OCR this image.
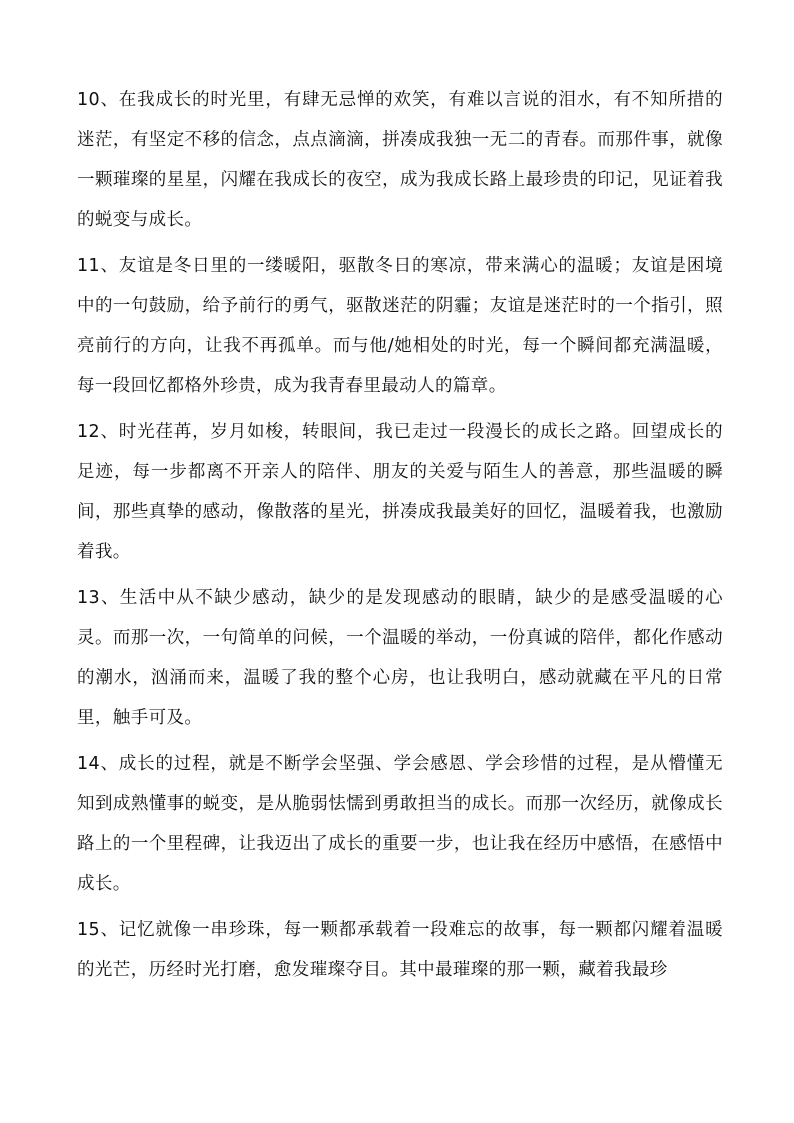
10、在我成长的时光里，有肆无忌惮的欢笑，有难以言说的泪水，有不知所措的迷茫，有坚定不移的信念，点点滴滴，拼凑成我独一无二的青春。而那件事，就像一颗璀璨的星星，闪耀在我成长的夜空，成为我成长路上最珍贵的印记，见证着我的蜕变与成长。

11、友谊是冬日里的一缕暖阳，驱散冬日的寒凉，带来满心的温暖；友谊是困境中的一句鼓励，给予前行的勇气，驱散迷茫的阴霾；友谊是迷茫时的一个指引，照亮前行的方向，让我不再孤单。而与他/她相处的时光，每一个瞬间都充满温暖，每一段回忆都格外珍贵，成为我青春里最动人的篇章。

12、时光荏苒，岁月如梭，转眼间，我已走过一段漫长的成长之路。回望成长的足迹，每一步都离不开亲人的陪伴、朋友的关爱与陌生人的善意，那些温暖的瞬间，那些真挚的感动，像散落的星光，拼凑成我最美好的回忆，温暖着我，也激励着我。

13、生活中从不缺少感动，缺少的是发现感动的眼睛，缺少的是感受温暖的心灵。而那一次，一句简单的问候，一个温暖的举动，一份真诚的陪伴，都化作感动的潮水，汹涌而来，温暖了我的整个心房，也让我明白，感动就藏在平凡的日常里，触手可及。

14、成长的过程，就是不断学会坚强、学会感恩、学会珍惜的过程，是从懵懂无知到成熟懂事的蜕变，是从脆弱怯懦到勇敢担当的成长。而那一次经历，就像成长路上的一个里程碑，让我迈出了成长的重要一步，也让我在经历中感悟，在感悟中成长。

15、记忆就像一串珍珠，每一颗都承载着一段难忘的故事，每一颗都闪耀着温暖的光芒，历经时光打磨，愈发璀璨夺目。其中最璀璨的那一颗，藏着我最珍
